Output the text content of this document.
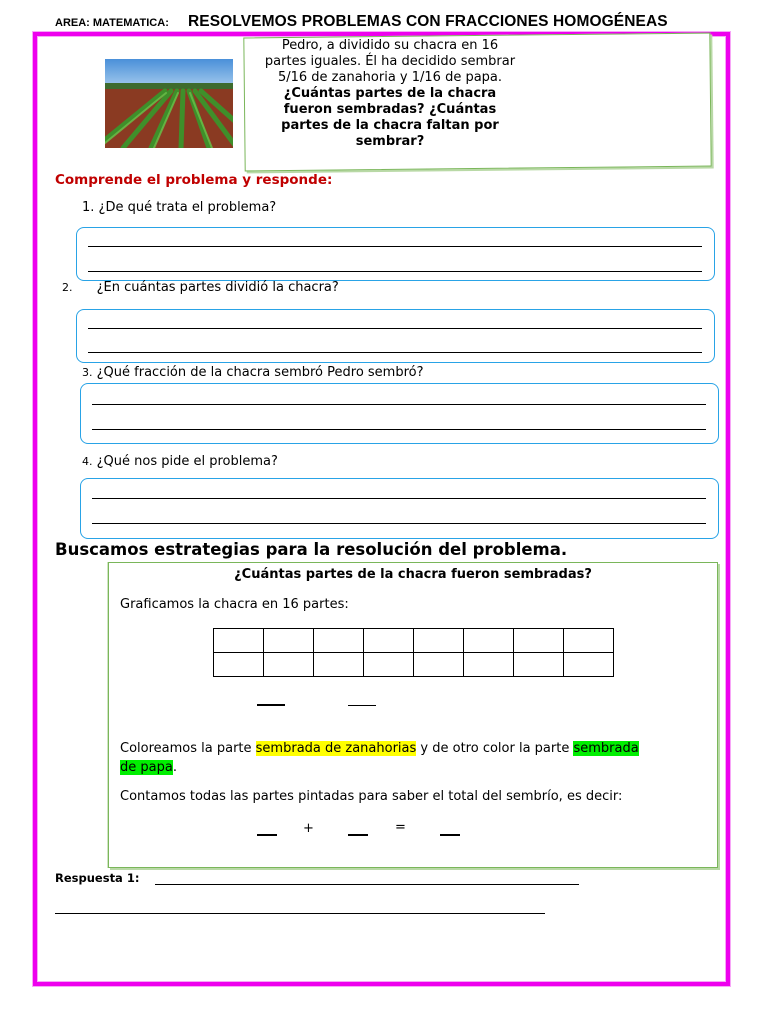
AREA: MATEMATICA: RESOLVEMOS PROBLEMAS CON FRACCIONES HOMOGÉNEAS
Pedro, a dividido su chacra en 16 partes iguales. Él ha decidido sembrar 5/16 de zanahoria y 1/16 de papa.
¿Cuántas partes de la chacra fueron sembradas? ¿Cuántas partes de la chacra faltan por sembrar?
Comprende el problema y responde:
1. ¿De qué trata el problema?
2. ¿En cuántas partes dividió la chacra?
3. ¿Qué fracción de la chacra sembró Pedro sembró?
4. ¿Qué nos pide el problema?
Buscamos estrategias para la resolución del problema.
¿Cuántas partes de la chacra fueron sembradas?
Graficamos la chacra en 16 partes:

Coloreamos la parte sembrada de zanahorias y de otro color la parte sembrada
de papa.
Contamos todas las partes pintadas para saber el total del sembrío, es decir:
+	=
Respuesta 1:
